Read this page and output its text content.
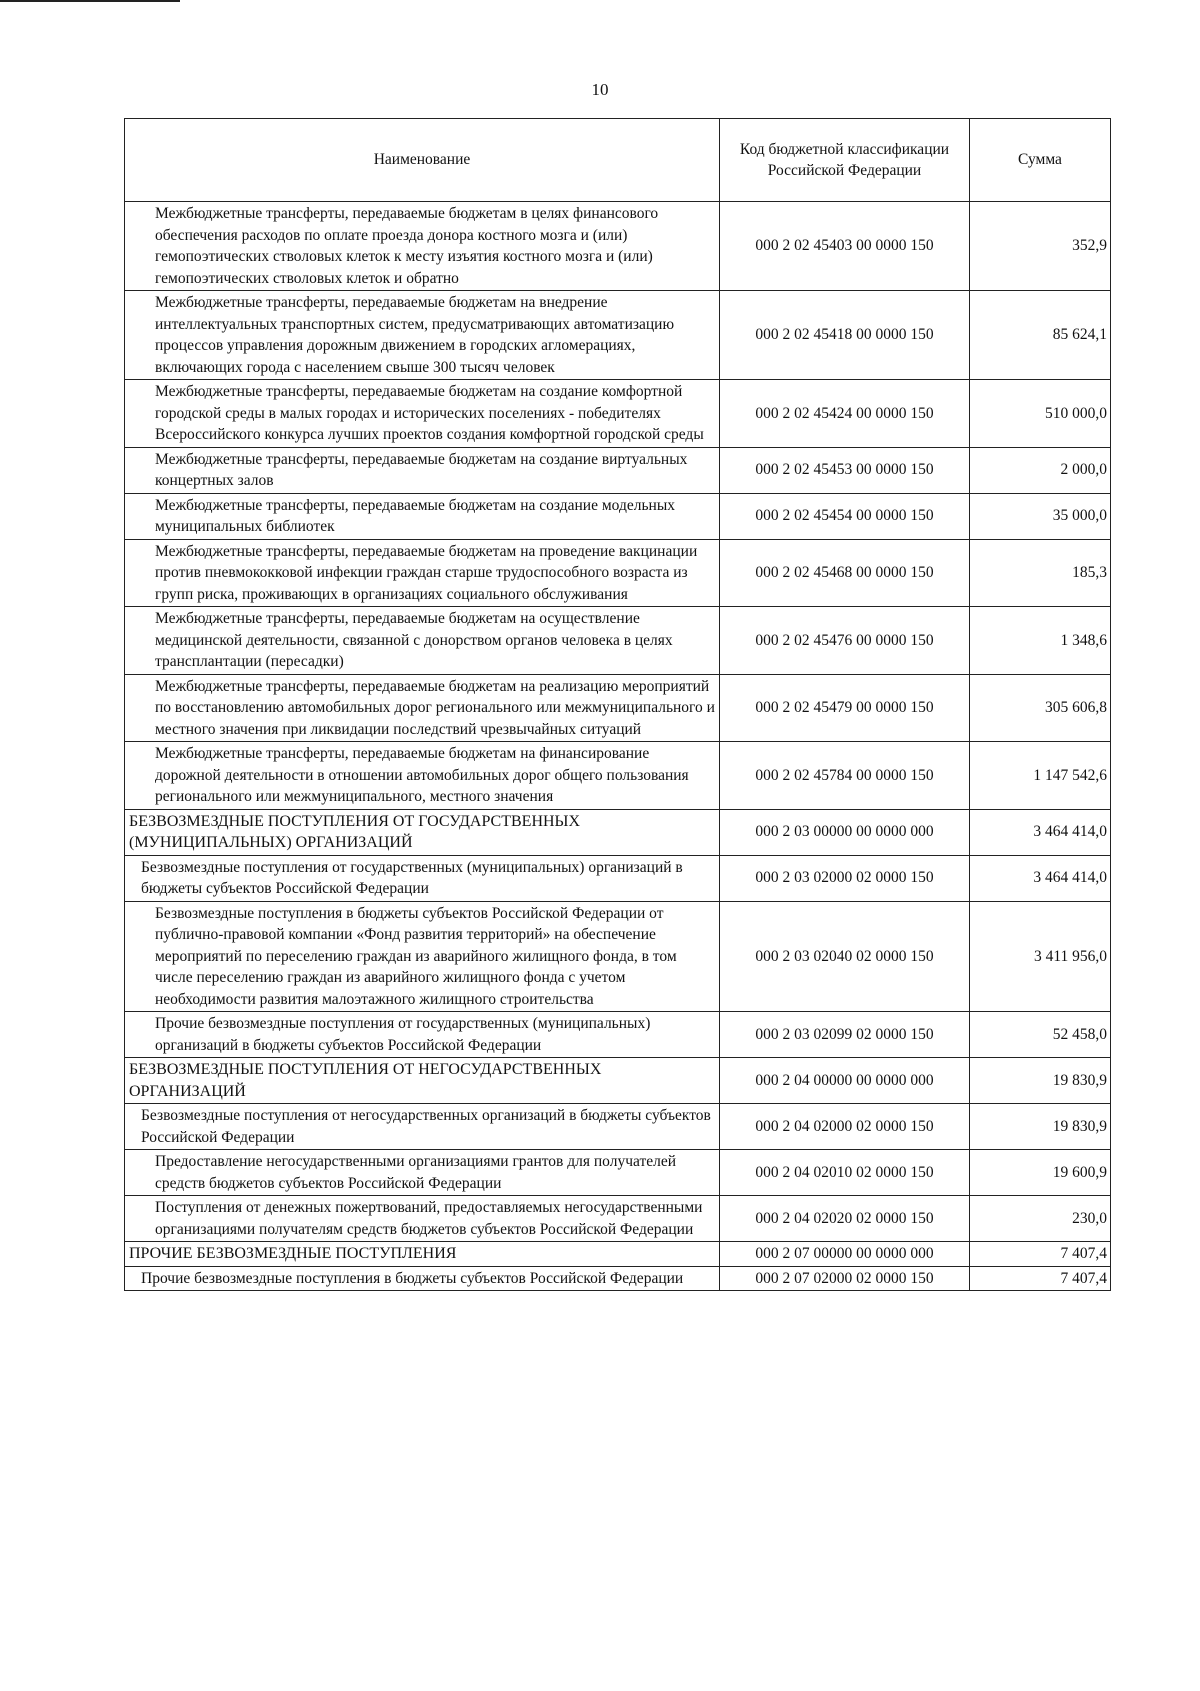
10
Наименование	Код бюджетной классификации Российской Федерации	Сумма
Межбюджетные трансферты, передаваемые бюджетам в целях финансового обеспечения расходов по оплате проезда донора костного мозга и (или) гемопоэтических стволовых клеток к месту изъятия костного мозга и (или) гемопоэтических стволовых клеток и обратно	000 2 02 45403 00 0000 150	352,9
Межбюджетные трансферты, передаваемые бюджетам на внедрение интеллектуальных транспортных систем, предусматривающих автоматизацию процессов управления дорожным движением в городских агломерациях, включающих города с населением свыше 300 тысяч человек	000 2 02 45418 00 0000 150	85 624,1
Межбюджетные трансферты, передаваемые бюджетам на создание комфортной городской среды в малых городах и исторических поселениях - победителях Всероссийского конкурса лучших проектов создания комфортной городской среды	000 2 02 45424 00 0000 150	510 000,0
Межбюджетные трансферты, передаваемые бюджетам на создание виртуальных концертных залов	000 2 02 45453 00 0000 150	2 000,0
Межбюджетные трансферты, передаваемые бюджетам на создание модельных муниципальных библиотек	000 2 02 45454 00 0000 150	35 000,0
Межбюджетные трансферты, передаваемые бюджетам на проведение вакцинации против пневмококковой инфекции граждан старше трудоспособного возраста из групп риска, проживающих в организациях социального обслуживания	000 2 02 45468 00 0000 150	185,3
Межбюджетные трансферты, передаваемые бюджетам на осуществление медицинской деятельности, связанной с донорством органов человека в целях трансплантации (пересадки)	000 2 02 45476 00 0000 150	1 348,6
Межбюджетные трансферты, передаваемые бюджетам на реализацию мероприятий по восстановлению автомобильных дорог регионального или межмуниципального и местного значения при ликвидации последствий чрезвычайных ситуаций	000 2 02 45479 00 0000 150	305 606,8
Межбюджетные трансферты, передаваемые бюджетам на финансирование дорожной деятельности в отношении автомобильных дорог общего пользования регионального или межмуниципального, местного значения	000 2 02 45784 00 0000 150	1 147 542,6
БЕЗВОЗМЕЗДНЫЕ ПОСТУПЛЕНИЯ ОТ ГОСУДАРСТВЕННЫХ (МУНИЦИПАЛЬНЫХ) ОРГАНИЗАЦИЙ	000 2 03 00000 00 0000 000	3 464 414,0
Безвозмездные поступления от государственных (муниципальных) организаций в бюджеты субъектов Российской Федерации	000 2 03 02000 02 0000 150	3 464 414,0
Безвозмездные поступления в бюджеты субъектов Российской Федерации от публично-правовой компании «Фонд развития территорий» на обеспечение мероприятий по переселению граждан из аварийного жилищного фонда, в том числе переселению граждан из аварийного жилищного фонда с учетом необходимости развития малоэтажного жилищного строительства	000 2 03 02040 02 0000 150	3 411 956,0
Прочие безвозмездные поступления от государственных (муниципальных) организаций в бюджеты субъектов Российской Федерации	000 2 03 02099 02 0000 150	52 458,0
БЕЗВОЗМЕЗДНЫЕ ПОСТУПЛЕНИЯ ОТ НЕГОСУДАРСТВЕННЫХ ОРГАНИЗАЦИЙ	000 2 04 00000 00 0000 000	19 830,9
Безвозмездные поступления от негосударственных организаций в бюджеты субъектов Российской Федерации	000 2 04 02000 02 0000 150	19 830,9
Предоставление негосударственными организациями грантов для получателей средств бюджетов субъектов Российской Федерации	000 2 04 02010 02 0000 150	19 600,9
Поступления от денежных пожертвований, предоставляемых негосударственными организациями получателям средств бюджетов субъектов Российской Федерации	000 2 04 02020 02 0000 150	230,0
ПРОЧИЕ БЕЗВОЗМЕЗДНЫЕ ПОСТУПЛЕНИЯ	000 2 07 00000 00 0000 000	7 407,4
Прочие безвозмездные поступления в бюджеты субъектов Российской Федерации	000 2 07 02000 02 0000 150	7 407,4
